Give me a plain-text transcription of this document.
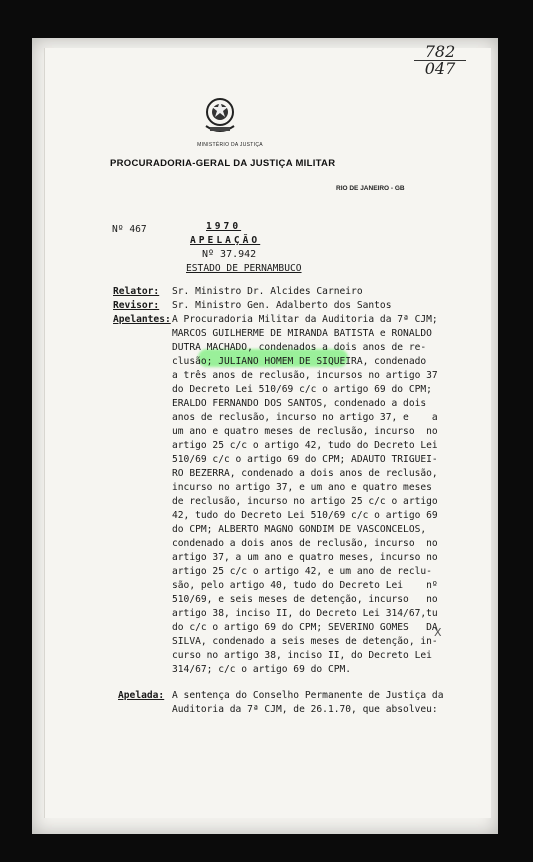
782
047
MINISTÉRIO DA JUSTIÇA
PROCURADORIA-GERAL DA JUSTIÇA MILITAR
RIO DE JANEIRO - GB
Nº 467	1970
APELAÇÃO
Nº 37.942
ESTADO DE PERNAMBUCO
Relator: Sr. Ministro Dr. Alcides Carneiro
Revisor: Sr. Ministro Gen. Adalberto dos Santos
Apelantes: A Procuradoria Militar da Auditoria da 7ª CJM;
MARCOS GUILHERME DE MIRANDA BATISTA e RONALDO
DUTRA MACHADO, condenados a dois anos de re-
clusão; JULIANO HOMEM DE SIQUEIRA, condenado
a três anos de reclusão, incursos no artigo 37
do Decreto Lei 510/69 c/c o artigo 69 do CPM;
ERALDO FERNANDO DOS SANTOS, condenado a dois
anos de reclusão, incurso no artigo 37, e    a
um ano e quatro meses de reclusão, incurso  no
artigo 25 c/c o artigo 42, tudo do Decreto Lei
510/69 c/c o artigo 69 do CPM; ADAUTO TRIGUEI-
RO BEZERRA, condenado a dois anos de reclusão,
incurso no artigo 37, e um ano e quatro meses
de reclusão, incurso no artigo 25 c/c o artigo
42, tudo do Decreto Lei 510/69 c/c o artigo 69
do CPM; ALBERTO MAGNO GONDIM DE VASCONCELOS,
condenado a dois anos de reclusão, incurso  no
artigo 37, a um ano e quatro meses, incurso no
artigo 25 c/c o artigo 42, e um ano de reclu-
são, pelo artigo 40, tudo do Decreto Lei    nº
510/69, e seis meses de detenção, incurso   no
artigo 38, inciso II, do Decreto Lei 314/67,tu
do c/c o artigo 69 do CPM; SEVERINO GOMES   DA
SILVA, condenado a seis meses de detenção, in-
curso no artigo 38, inciso II, do Decreto Lei
314/67; c/c o artigo 69 do CPM.
X
Apelada: A sentença do Conselho Permanente de Justiça da
Auditoria da 7ª CJM, de 26.1.70, que absolveu:
